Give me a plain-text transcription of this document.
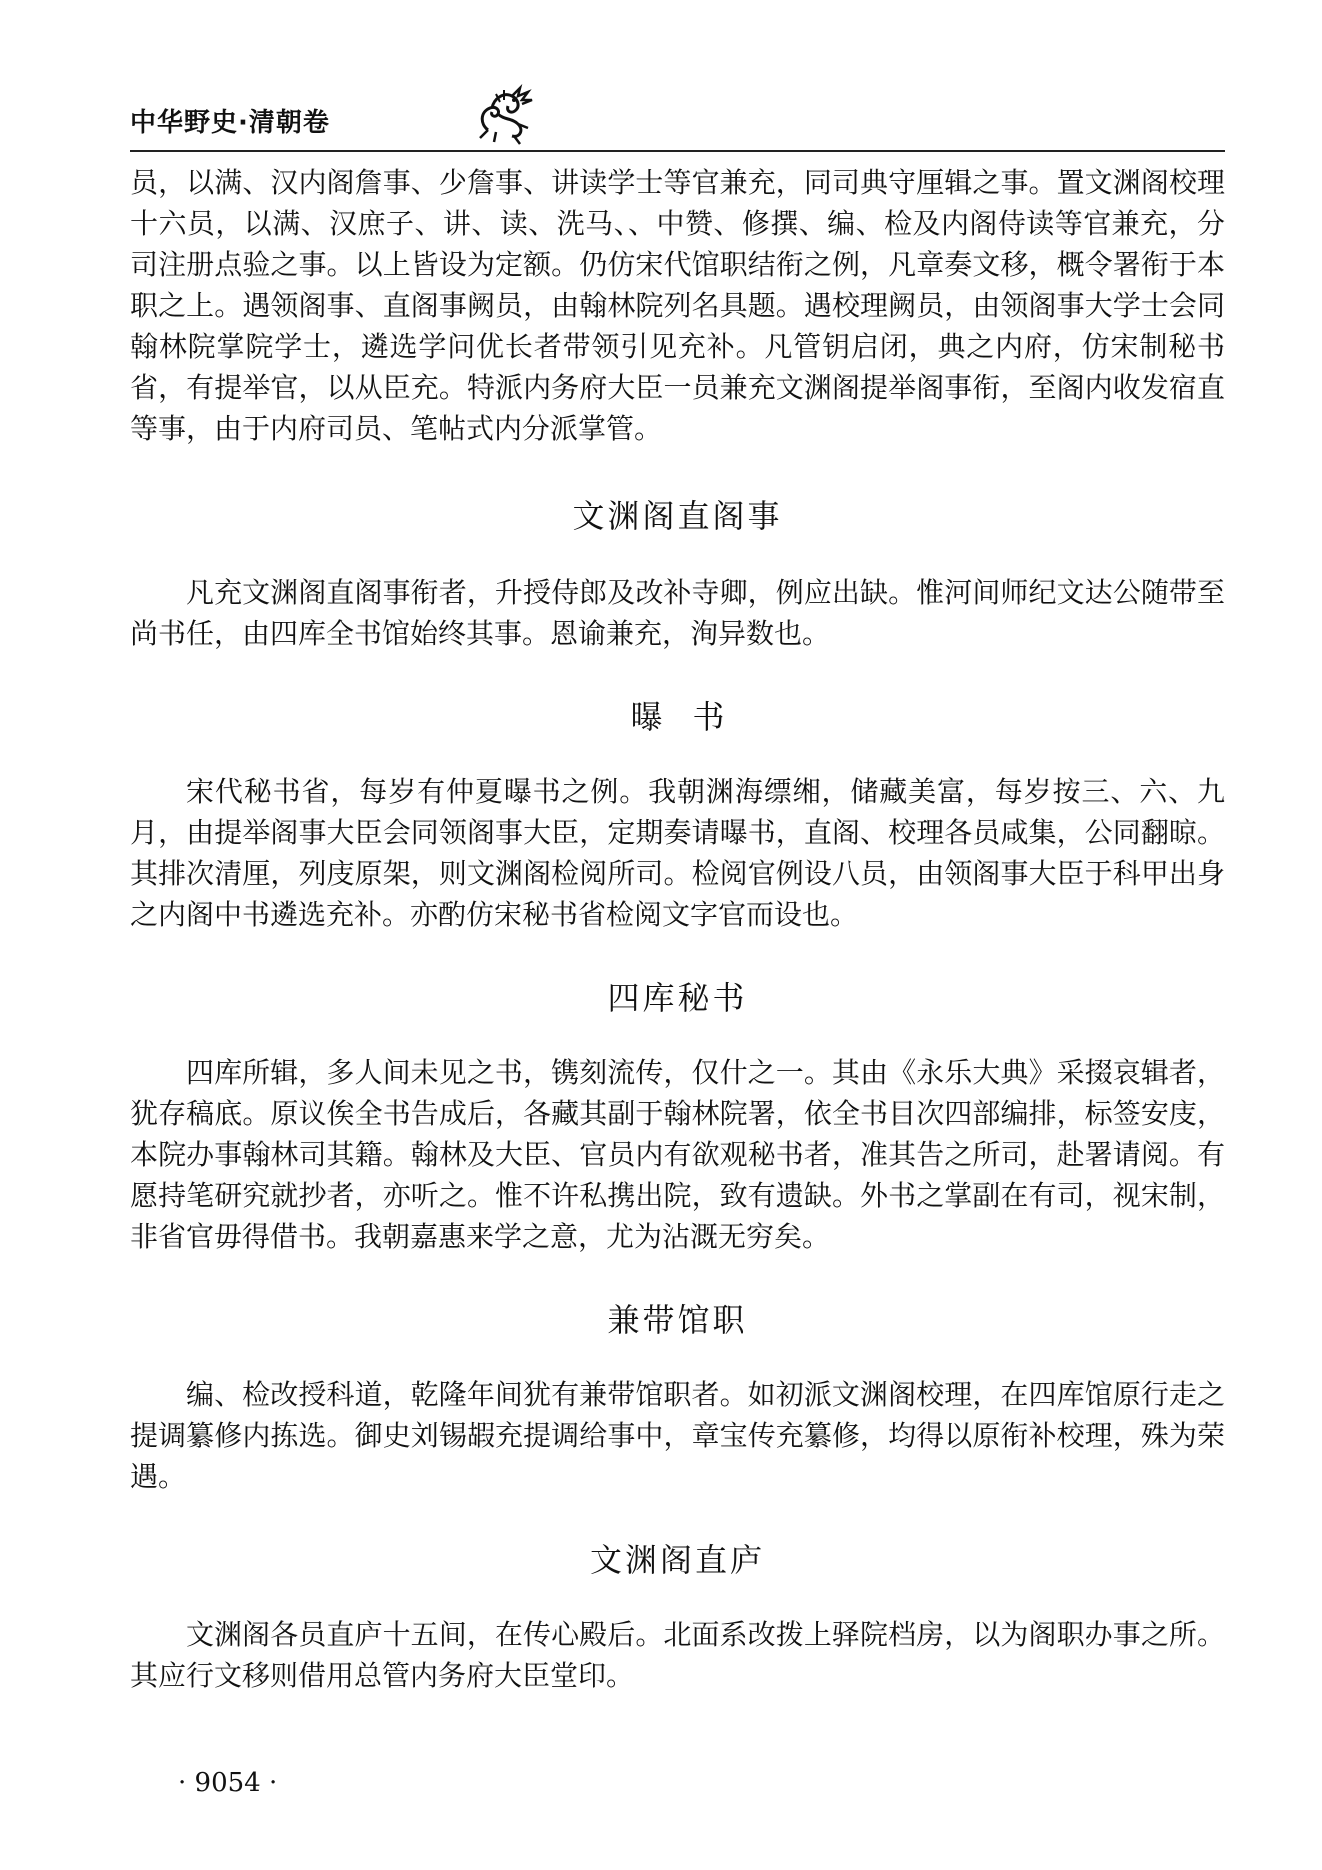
中华野史·清朝卷

员，以满、汉内阁詹事、少詹事、讲读学士等官兼充，同司典守厘辑之事。置文渊阁校理十六员，以满、汉庶子、讲、读、洗马、、中赞、修撰、编、检及内阁侍读等官兼充，分司注册点验之事。以上皆设为定额。仍仿宋代馆职结衔之例，凡章奏文移，概令署衔于本职之上。遇领阁事、直阁事阙员，由翰林院列名具题。遇校理阙员，由领阁事大学士会同翰林院掌院学士，遴选学问优长者带领引见充补。凡管钥启闭，典之内府，仿宋制秘书省，有提举官，以从臣充。特派内务府大臣一员兼充文渊阁提举阁事衔，至阁内收发宿直等事，由于内府司员、笔帖式内分派掌管。

文渊阁直阁事

凡充文渊阁直阁事衔者，升授侍郎及改补寺卿，例应出缺。惟河间师纪文达公随带至尚书任，由四库全书馆始终其事。恩谕兼充，洵异数也。

曝书

宋代秘书省，每岁有仲夏曝书之例。我朝渊海缥缃，储藏美富，每岁按三、六、九月，由提举阁事大臣会同领阁事大臣，定期奏请曝书，直阁、校理各员咸集，公同翻晾。其排次清厘，列庋原架，则文渊阁检阅所司。检阅官例设八员，由领阁事大臣于科甲出身之内阁中书遴选充补。亦酌仿宋秘书省检阅文字官而设也。

四库秘书

四库所辑，多人间未见之书，镌刻流传，仅什之一。其由《永乐大典》采掇哀辑者，犹存稿底。原议俟全书告成后，各藏其副于翰林院署，依全书目次四部编排，标签安庋，本院办事翰林司其籍。翰林及大臣、官员内有欲观秘书者，准其告之所司，赴署请阅。有愿持笔研究就抄者，亦听之。惟不许私携出院，致有遗缺。外书之掌副在有司，视宋制，非省官毋得借书。我朝嘉惠来学之意，尤为沾溉无穷矣。

兼带馆职

编、检改授科道，乾隆年间犹有兼带馆职者。如初派文渊阁校理，在四库馆原行走之提调纂修内拣选。御史刘锡嘏充提调给事中，章宝传充纂修，均得以原衔补校理，殊为荣遇。

文渊阁直庐

文渊阁各员直庐十五间，在传心殿后。北面系改拨上驿院档房，以为阁职办事之所。其应行文移则借用总管内务府大臣堂印。

· 9054 ·
